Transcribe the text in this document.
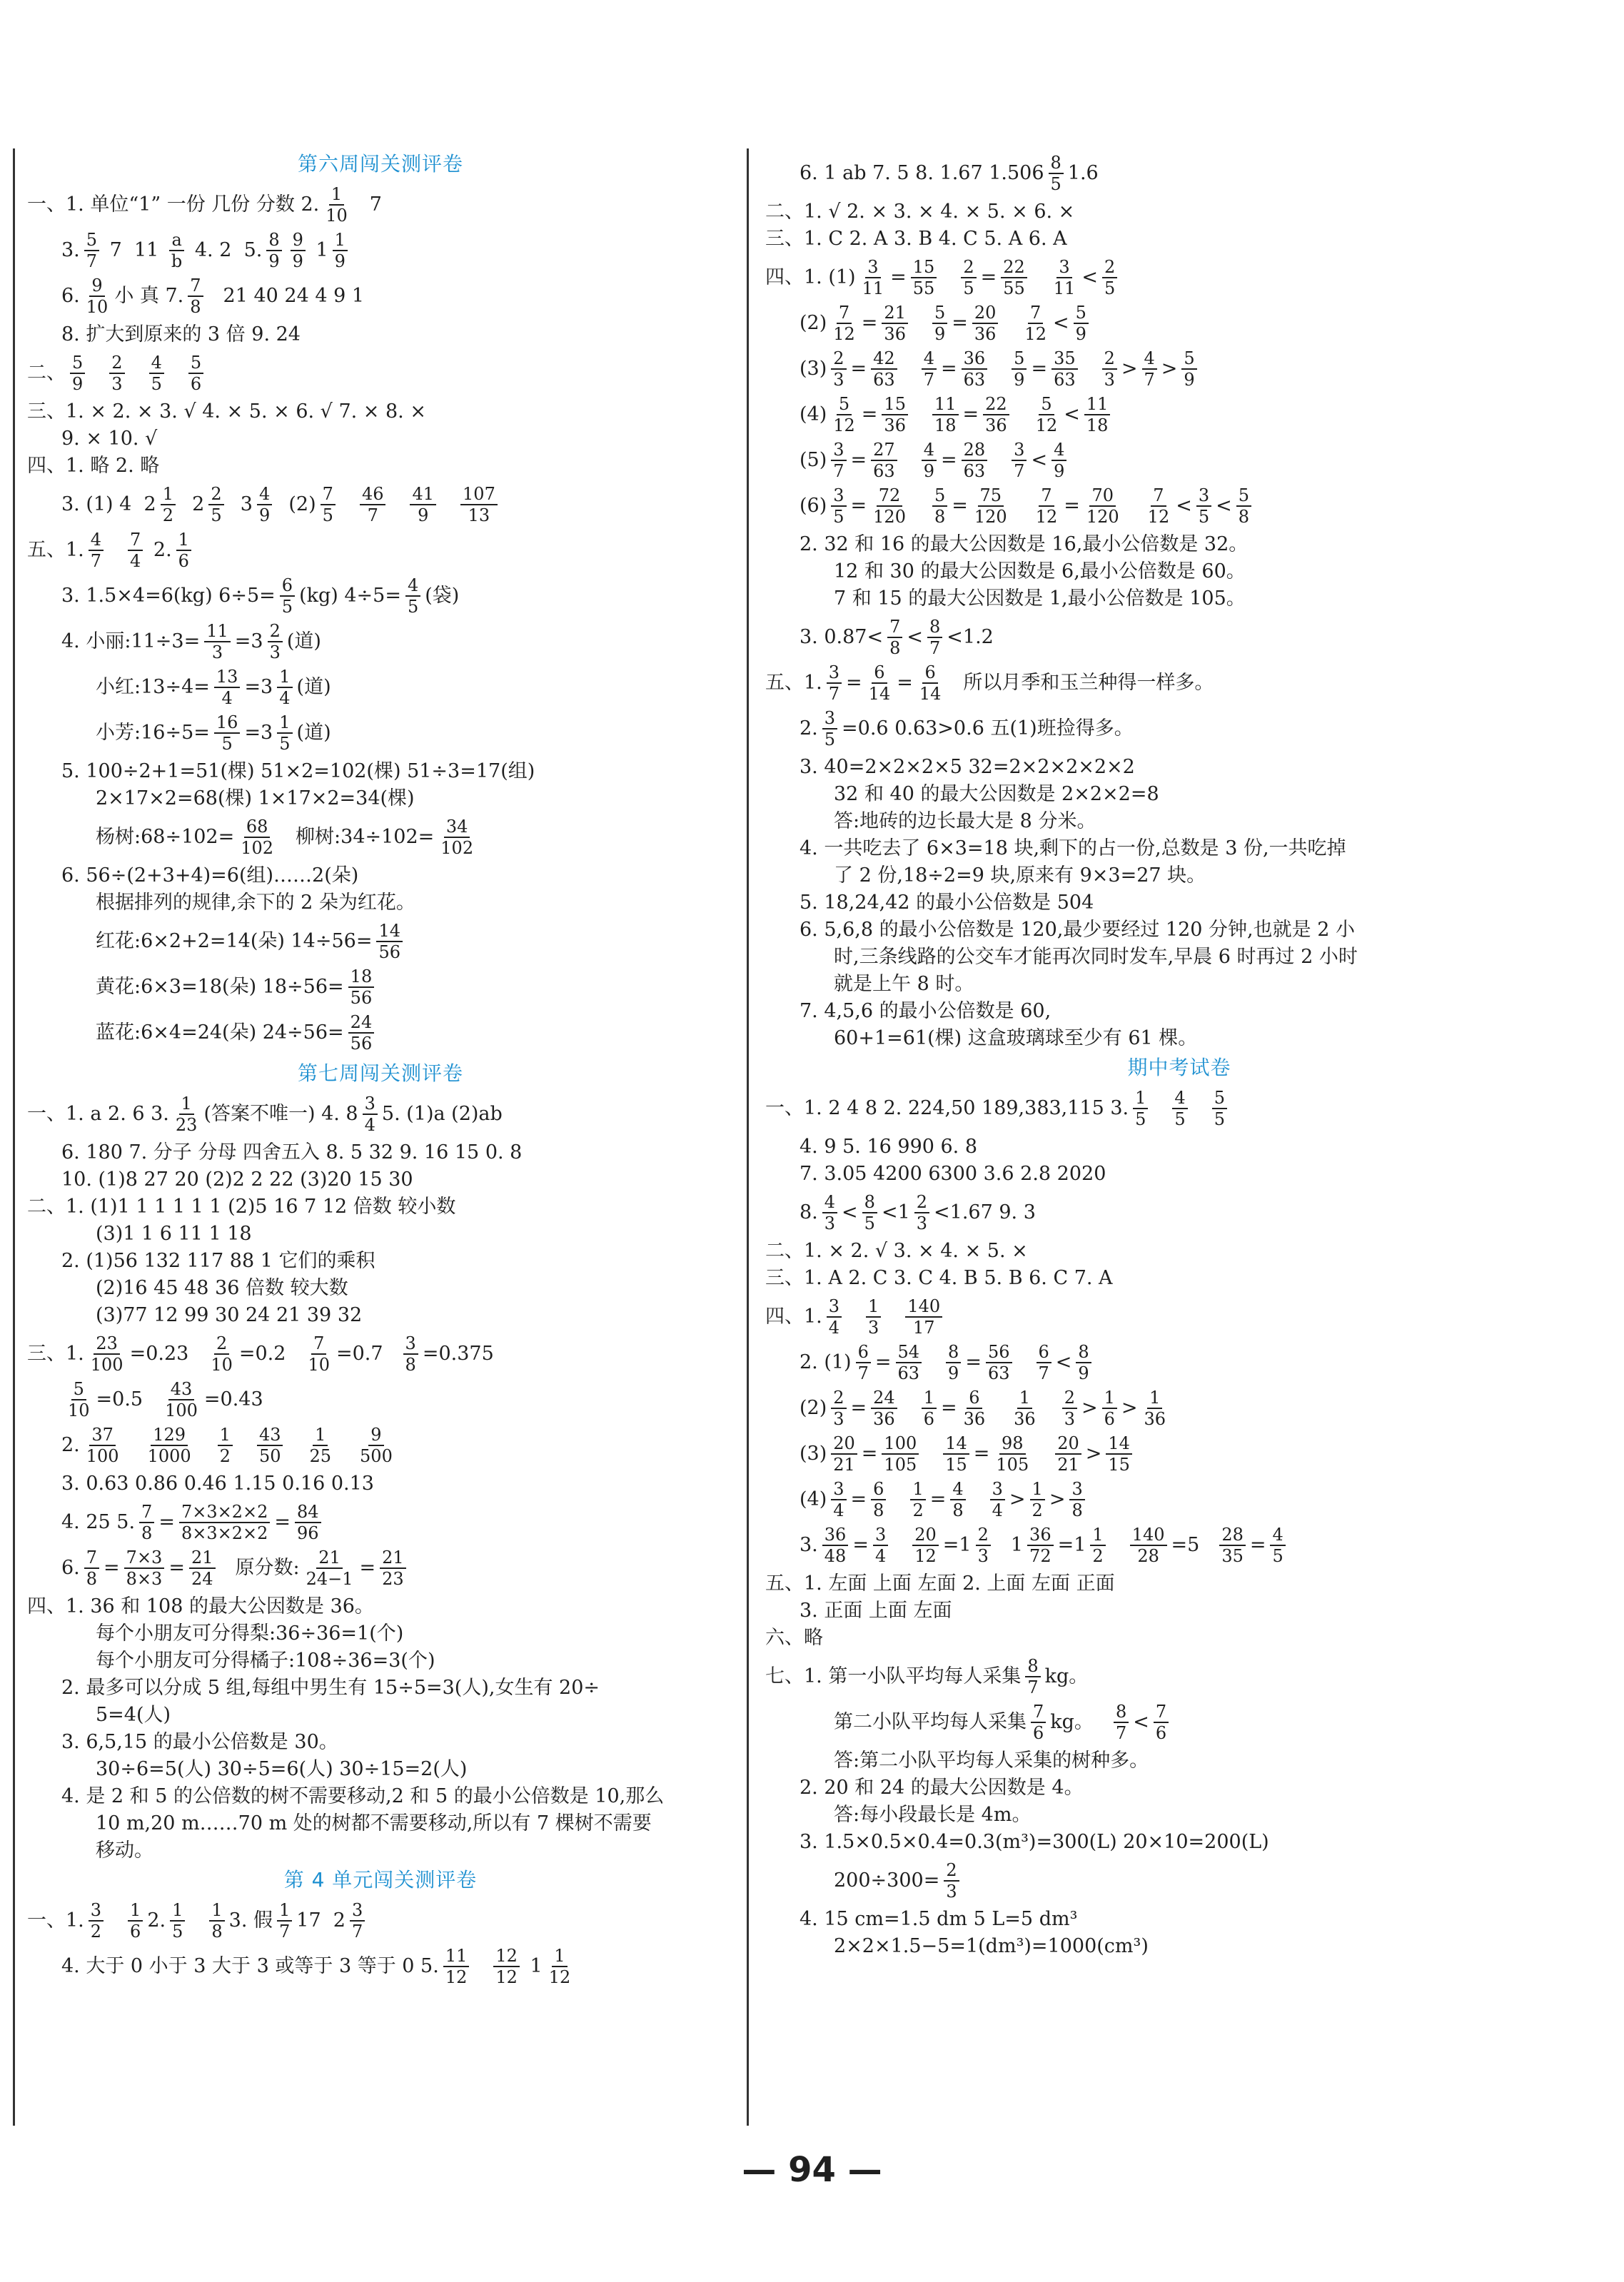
第六周闯关测评卷
一、1. 单位“1” 一份 几份 分数 2. $\frac{1}{10} 7$
3. $\frac{5}{7} 7$  $11 \frac{a}{b} 4$. 2  5. $\frac{8}{9} \frac{9}{9} 1 \frac{1}{9}$
6. $\frac{9}{10}$ 小 真 7. $\frac{7}{8} 21$ 40 24 4 9 1
8. 扩大到原来的 3 倍 9. 24
二、 $\frac{5}{9} \frac{2}{3} \frac{4}{5} \frac{5}{6}$
三、1. × 2. × 3. √ 4. × 5. × 6. √ 7. × 8. ×
9. × 10. √
四、1. 略 2. 略
3. (1) 4 $2 \frac{1}{2} 2 \frac{2}{5} 3 \frac{4}{9} (2) \frac{7}{5} \frac{46}{7} \frac{41}{9} \frac{107}{13}$
五、1. $\frac{4}{7} \frac{7}{4} 2$. $\frac{1}{6}$
3. 1.5×4=6(kg) $6\div 5= \frac{6}{5} (kg)$ $4\div 5= \frac{4}{5}$ (袋)
4. 小丽:11÷3= $\frac{11}{3} =3 \frac{2}{3}$ (道)
小红:13÷4= $\frac{13}{4} =3 \frac{1}{4}$ (道)
小芳:16÷5= $\frac{16}{5} =3 \frac{1}{5}$ (道)
5. 100÷2+1=51(棵) 51×2=102(棵) 51÷3=17(组)
2×17×2=68(棵) 1×17×2=34(棵)
杨树:68÷102= $\frac{68}{102}$ 柳树:34÷102= $\frac{34}{102}$
6. 56÷(2+3+4)=6(组)……2(朵)
根据排列的规律,余下的 2 朵为红花。
红花:6×2+2=14(朵) $14\div 56= \frac{14}{56}$
黄花:6×3=18(朵) $18\div 56= \frac{18}{56}$
蓝花:6×4=24(朵) $24\div 56= \frac{24}{56}$
第七周闯关测评卷
一、1. a 2. 6 3. $\frac{1}{23}$ (答案不唯一) 4. $8 \frac{3}{4} 5$. (1)a (2)ab
6. 180 7. 分子 分母 四舍五入 8. 5 32 9. 16 15 0. 8
10. (1)8 27 20 (2)2 2 22 (3)20 15 30
二、1. (1)1 1 1 1 1 1 (2)5 16 7 12 倍数 较小数
(3)1 1 6 11 1 18
2. (1)56 132 117 88 1 它们的乘积
(2)16 45 48 36 倍数 较大数
(3)77 12 99 30 24 21 39 32
三、1. $\frac{23}{100} =0.23 \frac{2}{10} =0.2 \frac{7}{10} =0.7 \frac{3}{8} =0.375$
$\frac{5}{10} =0.5 \frac{43}{100} =0.43$
2. $\frac{37}{100} \frac{129}{1000} \frac{1}{2} \frac{43}{50} \frac{1}{25} \frac{9}{500}$
3. 0.63 0.86 0.46 1.15 0.16 0.13
4. 25 5. $\frac{7}{8} = \frac{7\times 3\times 2\times 2}{8\times 3\times 2\times 2} = \frac{84}{96}$
6. $\frac{7}{8} = \frac{7\times 3}{8\times 3} = \frac{21}{24}$ 原分数: $\frac{21}{24-1} = \frac{21}{23}$
四、1. 36 和 108 的最大公因数是 36。
每个小朋友可分得梨:36÷36=1(个)
每个小朋友可分得橘子:108÷36=3(个)
2. 最多可以分成 5 组,每组中男生有 15÷5=3(人),女生有 20÷
5=4(人)
3. 6,5,15 的最小公倍数是 30。
30÷6=5(人) 30÷5=6(人) 30÷15=2(人)
4. 是 2 和 5 的公倍数的树不需要移动,2 和 5 的最小公倍数是 10,那么
10 m,20 m……70 m 处的树都不需要移动,所以有 7 棵树不需要
移动。
第 4 单元闯关测评卷
一、1. $\frac{3}{2} \frac{1}{6} 2$. $\frac{1}{5} \frac{1}{8} 3$. 假 $\frac{1}{7} 17$ $2 \frac{3}{7}$
4. 大于 0 小于 3 大于 3 或等于 3 等于 0 5. $\frac{11}{12} \frac{12}{12} 1 \frac{1}{12}$
6. 1 ab 7. 5 8. 1.67 $1.506 \frac{8}{5} 1.6$
二、1. √ 2. × 3. × 4. × 5. × 6. ×
三、1. C 2. A 3. B 4. C 5. A 6. A
四、1. $(1) \frac{3}{11} = \frac{15}{55} \frac{2}{5} = \frac{22}{55} \frac{3}{11} < \frac{2}{5}$
$(2) \frac{7}{12} = \frac{21}{36} \frac{5}{9} = \frac{20}{36} \frac{7}{12} < \frac{5}{9}$
$(3) \frac{2}{3} = \frac{42}{63} \frac{4}{7} = \frac{36}{63} \frac{5}{9} = \frac{35}{63} \frac{2}{3} > \frac{4}{7} > \frac{5}{9}$
$(4) \frac{5}{12} = \frac{15}{36} \frac{11}{18} = \frac{22}{36} \frac{5}{12} < \frac{11}{18}$
$(5) \frac{3}{7} = \frac{27}{63} \frac{4}{9} = \frac{28}{63} \frac{3}{7} < \frac{4}{9}$
$(6) \frac{3}{5} = \frac{72}{120} \frac{5}{8} = \frac{75}{120} \frac{7}{12} = \frac{70}{120} \frac{7}{12} < \frac{3}{5} < \frac{5}{8}$
2. 32 和 16 的最大公因数是 16,最小公倍数是 32。
12 和 30 的最大公因数是 6,最小公倍数是 60。
7 和 15 的最大公因数是 1,最小公倍数是 105。
3. $0.87< \frac{7}{8} < \frac{8}{7} <1.2$
五、1. $\frac{3}{7} = \frac{6}{14} = \frac{6}{14}$ 所以月季和玉兰种得一样多。
2. $\frac{3}{5} =0.6$ 0.63>0.6 五(1)班捡得多。
3. 40=2×2×2×5 32=2×2×2×2×2
32 和 40 的最大公因数是 2×2×2=8
答:地砖的边长最大是 8 分米。
4. 一共吃去了 6×3=18 块,剩下的占一份,总数是 3 份,一共吃掉
了 2 份,18÷2=9 块,原来有 9×3=27 块。
5. 18,24,42 的最小公倍数是 504
6. 5,6,8 的最小公倍数是 120,最少要经过 120 分钟,也就是 2 小
时,三条线路的公交车才能再次同时发车,早晨 6 时再过 2 小时
就是上午 8 时。
7. 4,5,6 的最小公倍数是 60,
60+1=61(棵) 这盒玻璃球至少有 61 棵。
期中考试卷
一、1. 2 4 8 2. 224,50 189,383,115 3. $\frac{1}{5} \frac{4}{5} \frac{5}{5}$
4. 9 5. 16 990 6. 8
7. 3.05 4200 6300 3.6 2.8 2020
8. $\frac{4}{3} < \frac{8}{5} <1 \frac{2}{3} <1.67$ 9. 3
二、1. × 2. √ 3. × 4. × 5. ×
三、1. A 2. C 3. C 4. B 5. B 6. C 7. A
四、1. $\frac{3}{4} \frac{1}{3} \frac{140}{17}$
2. $(1) \frac{6}{7} = \frac{54}{63} \frac{8}{9} = \frac{56}{63} \frac{6}{7} < \frac{8}{9}$
$(2) \frac{2}{3} = \frac{24}{36} \frac{1}{6} = \frac{6}{36} \frac{1}{36} \frac{2}{3} > \frac{1}{6} > \frac{1}{36}$
$(3) \frac{20}{21} = \frac{100}{105} \frac{14}{15} = \frac{98}{105} \frac{20}{21} > \frac{14}{15}$
$(4) \frac{3}{4} = \frac{6}{8} \frac{1}{2} = \frac{4}{8} \frac{3}{4} > \frac{1}{2} > \frac{3}{8}$
3. $\frac{36}{48} = \frac{3}{4} \frac{20}{12} =1 \frac{2}{3} 1 \frac{36}{72} =1 \frac{1}{2} \frac{140}{28} =5 \frac{28}{35} = \frac{4}{5}$
五、1. 左面 上面 左面 2. 上面 左面 正面
3. 正面 上面 左面
六、略
七、1. 第一小队平均每人采集 $\frac{8}{7}$ kg。
第二小队平均每人采集 $\frac{7}{6}$ kg。 $\frac{8}{7} < \frac{7}{6}$
答:第二小队平均每人采集的树种多。
2. 20 和 24 的最大公因数是 4。
答:每小段最长是 4m。
3. 1.5×0.5×0.4=0.3(m³)=300(L) 20×10=200(L)
$200\div 300= \frac{2}{3}$
4. 15 cm=1.5 dm 5 L=5 dm³
2×2×1.5−5=1(dm³)=1000(cm³)
— 94 —
